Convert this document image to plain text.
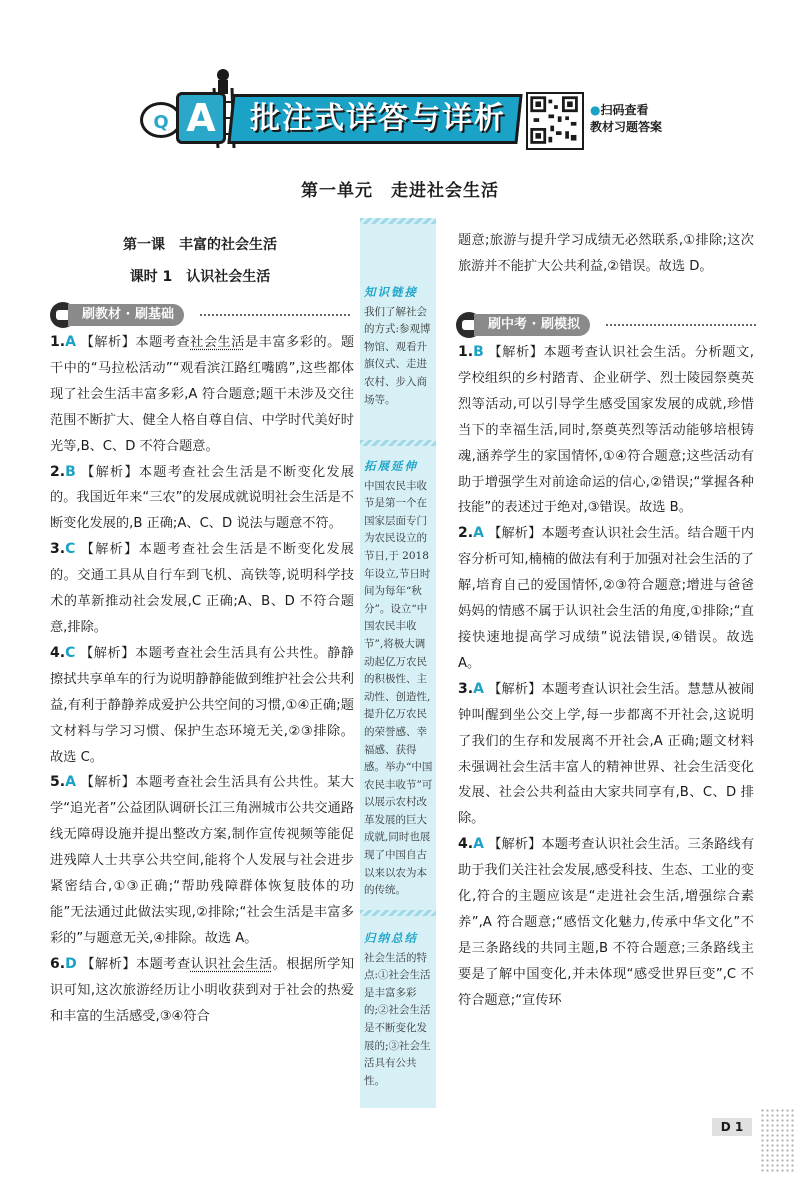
Q A	批注式详答与详析	●扫码查看
教材习题答案
第一单元　走进社会生活
第一课　丰富的社会生活
课时 1　认识社会生活
刷教材 · 刷基础

1.A 【解析】本题考查社会生活是丰富多彩的。题干中的“马拉松活动”“观看滨江路红嘴鸥”,这些都体现了社会生活丰富多彩,A 符合题意;题干未涉及交往范围不断扩大、健全人格自尊自信、中学时代美好时光等,B、C、D 不符合题意。

2.B 【解析】本题考查社会生活是不断变化发展的。我国近年来“三农”的发展成就说明社会生活是不断变化发展的,B 正确;A、C、D 说法与题意不符。

3.C 【解析】本题考查社会生活是不断变化发展的。交通工具从自行车到飞机、高铁等,说明科学技术的革新推动社会发展,C 正确;A、B、D 不符合题意,排除。

4.C 【解析】本题考查社会生活具有公共性。静静擦拭共享单车的行为说明静静能做到维护社会公共利益,有利于静静养成爱护公共空间的习惯,①④正确;题文材料与学习习惯、保护生态环境无关,②③排除。故选 C。

5.A 【解析】本题考查社会生活具有公共性。某大学“追光者”公益团队调研长江三角洲城市公共交通路线无障碍设施并提出整改方案,制作宣传视频等能促进残障人士共享公共空间,能将个人发展与社会进步紧密结合,①③正确;“帮助残障群体恢复肢体的功能”无法通过此做法实现,②排除;“社会生活是丰富多彩的”与题意无关,④排除。故选 A。

6.D 【解析】本题考查认识社会生活。根据所学知识可知,这次旅游经历让小明收获到对于社会的热爱和丰富的生活感受,③④符合

知识链接
我们了解社会的方式:参观博物馆、观看升旗仪式、走进农村、步入商场等。
拓展延伸
中国农民丰收节是第一个在国家层面专门为农民设立的节日,于 2018 年设立,节日时间为每年“秋分”。设立“中国农民丰收节”,将极大调动起亿万农民的积极性、主动性、创造性,提升亿万农民的荣誉感、幸福感、获得感。举办“中国农民丰收节”可以展示农村改革发展的巨大成就,同时也展现了中国自古以来以农为本的传统。
归纳总结
社会生活的特点:①社会生活是丰富多彩的;②社会生活是不断变化发展的;③社会生活具有公共性。

题意;旅游与提升学习成绩无必然联系,①排除;这次旅游并不能扩大公共利益,②错误。故选 D。

刷中考 · 刷模拟

1.B 【解析】本题考查认识社会生活。分析题文,学校组织的乡村踏青、企业研学、烈士陵园祭奠英烈等活动,可以引导学生感受国家发展的成就,珍惜当下的幸福生活,同时,祭奠英烈等活动能够培根铸魂,涵养学生的家国情怀,①④符合题意;这些活动有助于增强学生对前途命运的信心,②错误;“掌握各种技能”的表述过于绝对,③错误。故选 B。

2.A 【解析】本题考查认识社会生活。结合题干内容分析可知,楠楠的做法有利于加强对社会生活的了解,培育自己的爱国情怀,②③符合题意;增进与爸爸妈妈的情感不属于认识社会生活的角度,①排除;“直接快速地提高学习成绩”说法错误,④错误。故选 A。

3.A 【解析】本题考查认识社会生活。慧慧从被闹钟叫醒到坐公交上学,每一步都离不开社会,这说明了我们的生存和发展离不开社会,A 正确;题文材料未强调社会生活丰富人的精神世界、社会生活变化发展、社会公共利益由大家共同享有,B、C、D 排除。

4.A 【解析】本题考查认识社会生活。三条路线有助于我们关注社会发展,感受科技、生态、工业的变化,符合的主题应该是“走进社会生活,增强综合素养”,A 符合题意;“感悟文化魅力,传承中华文化”不是三条路线的共同主题,B 不符合题意;三条路线主要是了解中国变化,并未体现“感受世界巨变”,C 不符合题意;“宣传环

D 1
